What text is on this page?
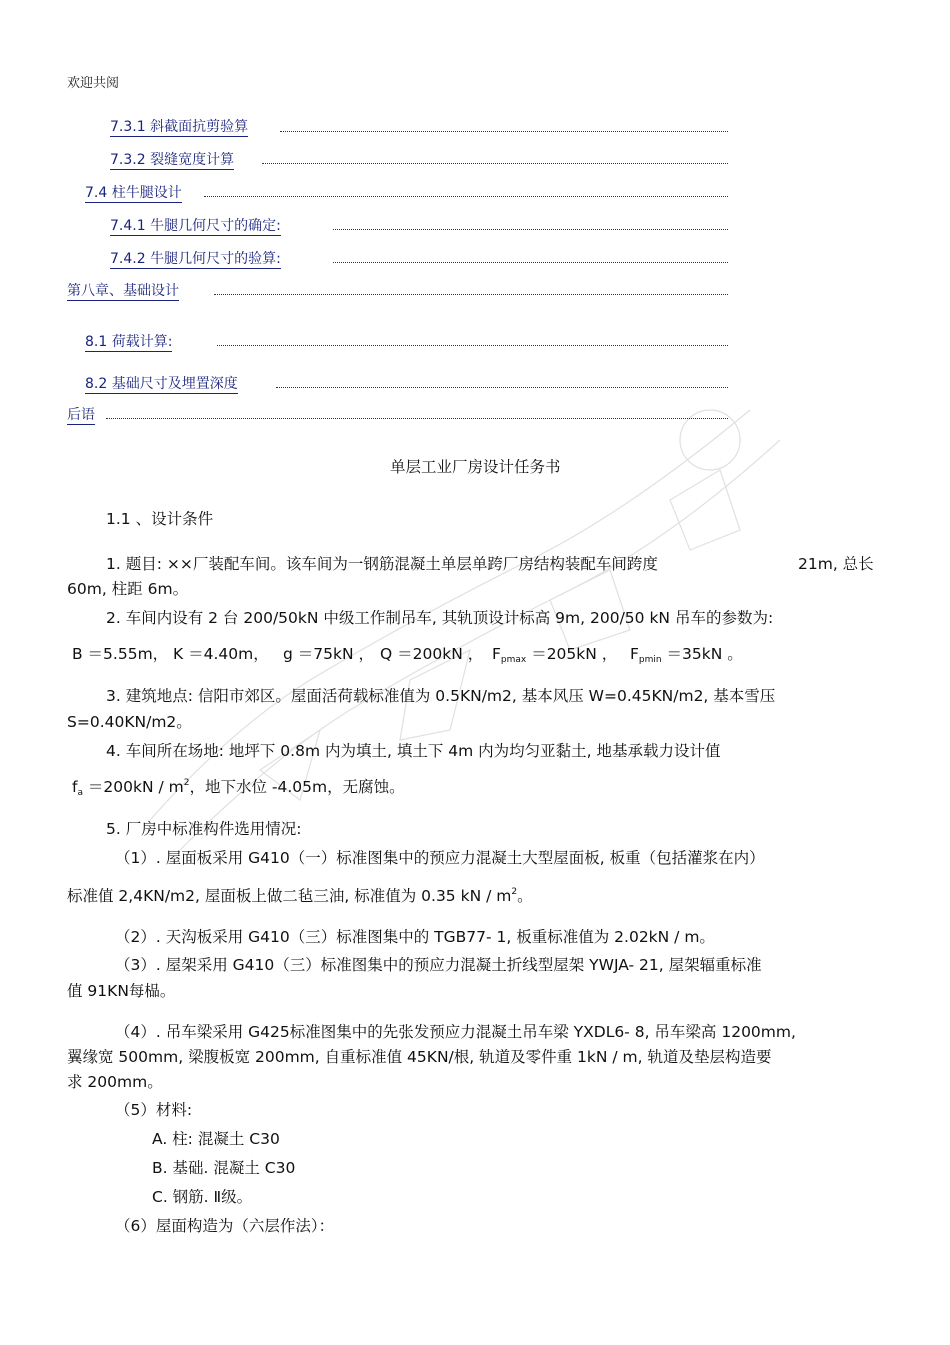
欢迎共阅
7.3.1 斜截面抗剪验算
7.3.2 裂缝宽度计算
7.4 柱牛腿设计
7.4.1 牛腿几何尺寸的确定:
7.4.2 牛腿几何尺寸的验算:
第八章、基础设计
8.1 荷载计算:
8.2 基础尺寸及埋置深度
后语
单层工业厂房设计任务书
1.1 、设计条件
1. 题目: ××厂装配车间。该车间为一钢筋混凝土单层单跨厂房结构装配车间跨度	21m, 总长
60m, 柱距 6m。
2. 车间内设有 2 台 200/50kN 中级工作制吊车, 其轨顶设计标高 9m, 200/50 kN 吊车的参数为:
B ＝5.55m， K ＝4.40m， g ＝75kN ， Q ＝200kN ， Fpmax ＝205kN ， Fpmin ＝35kN 。
3. 建筑地点: 信阳市郊区。屋面活荷载标准值为 0.5KN/m2, 基本风压 W=0.45KN/m2, 基本雪压
S=0.40KN/m2。
4. 车间所在场地: 地坪下 0.8m 内为填土, 填土下 4m 内为均匀亚黏土, 地基承载力设计值
fa $=200kN / m^2$，地下水位 -4.05m，无腐蚀。
5. 厂房中标准构件选用情况:
（1）. 屋面板采用 G410（一）标准图集中的预应力混凝土大型屋面板, 板重（包括灌浆在内）
标准值 2,4KN/m2, 屋面板上做二毡三油, 标准值为 0.35 kN / $m^2$。
（2）. 天沟板采用 G410（三）标准图集中的 TGB77- 1, 板重标准值为 2.02kN / m。
（3）. 屋架采用 G410（三）标准图集中的预应力混凝土折线型屋架 YWJA- 21, 屋架辐重标准
值 91KN每榀。
（4）. 吊车梁采用 G425标准图集中的先张发预应力混凝土吊车梁 YXDL6- 8, 吊车梁高 1200mm,
翼缘宽 500mm, 梁腹板宽 200mm, 自重标准值 45KN/根, 轨道及零件重 1kN / m, 轨道及垫层构造要
求 200mm。
（5）材料:
A. 柱: 混凝土 C30
B. 基础. 混凝土 C30
C. 钢筋. Ⅱ级。
（6）屋面构造为（六层作法）：
